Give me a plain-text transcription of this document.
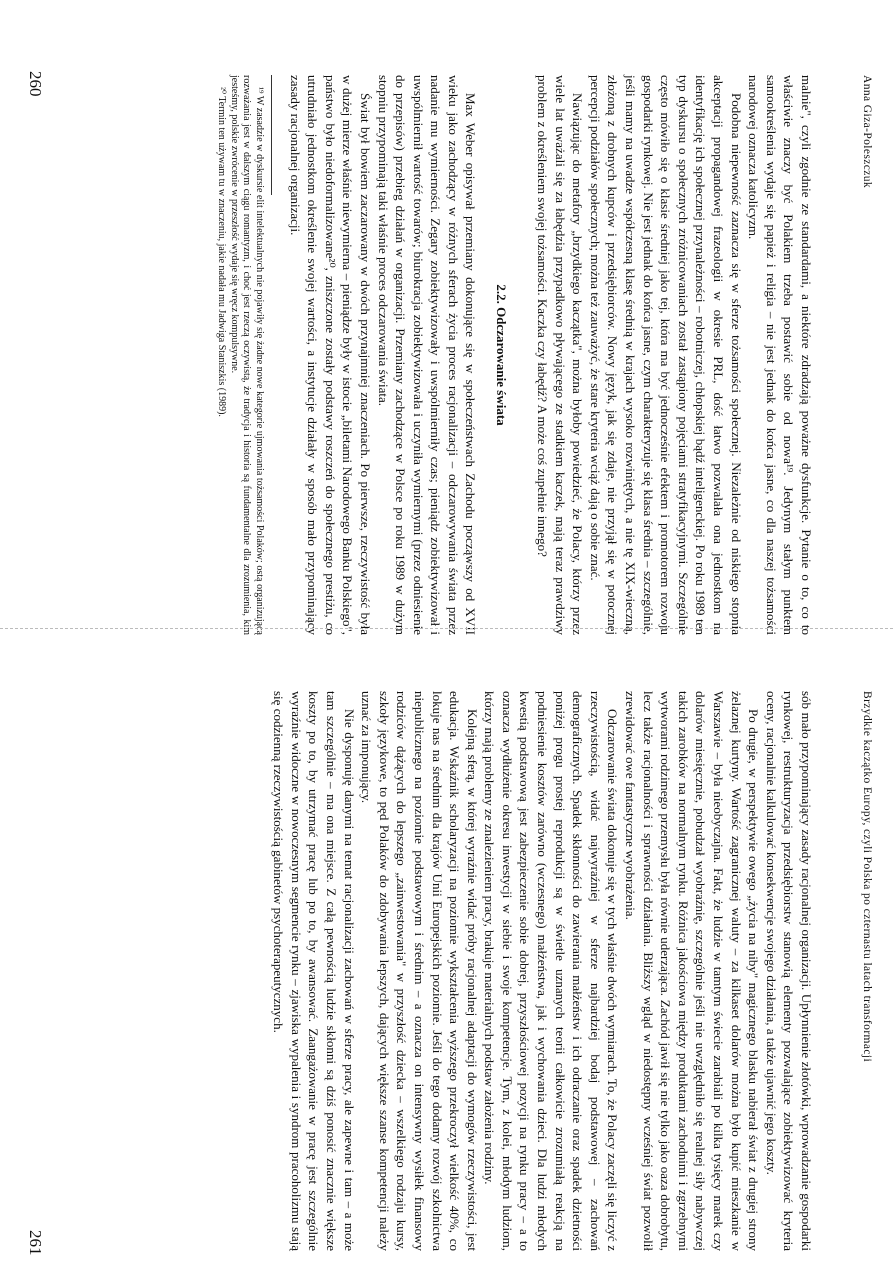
Anna Giza-Poleszczuk

malnie", czyli zgodnie ze standardami, a niektóre zdradzają poważne dysfunkcje. Pytanie o to, co to właściwie znaczy być Polakiem trzeba postawić sobie od nowa¹⁹. Jedynym stałym punktem samookreślenia wydaje się papież i religia – nie jest jednak do końca jasne, co dla naszej tożsamości narodowej oznacza katolicyzm.

Podobna niepewność zaznacza się w sferze tożsamości społecznej. Niezależnie od niskiego stopnia akceptacji propagandowej frazeologii w okresie PRL, dość łatwo pozwalała ona jednostkom na identyfikację ich społecznej przynależności – robotniczej, chłopskiej bądź inteligenckiej. Po roku 1989 ten typ dyskursu o społecznych zróżnicowaniach został zastąpiony pojęciami stratyfikacyjnymi. Szczególnie często mówiło się o klasie średniej jako tej, która ma być jednocześnie efektem i promotorem rozwoju gospodarki rynkowej. Nie jest jednak do końca jasne, czym charakteryzuje się klasa średnia – szczególnie, jeśli mamy na uwadze współczesną klasę średnią w krajach wysoko rozwiniętych, a nie tę XIX-wieczną, złożoną z drobnych kupców i przedsiębiorców. Nowy język, jak się zdaje, nie przyjął się w potocznej percepcji podziałów społecznych; można też zauważyć, że stare kryteria wciąż dają o sobie znać.

Nawiązując do metafory „brzydkiego kaczątka", można byłoby powiedzieć, że Polacy, którzy przez wiele lat uważali się za łabędzia przypadkowo pływającego ze stadkiem kaczek, mają teraz prawdziwy problem z określeniem swojej tożsamości. Kaczka czy łabędź? A może coś zupełnie innego?

2.2. Odczarowanie świata

Max Weber opisywał przemiany dokonujące się w społeczeństwach Zachodu począwszy od XVII wieku jako zachodzący w różnych sferach życia proces racjonalizacji – odczarowywania świata przez nadanie mu wymierności. Zegary zobiektywizowały i uwspólmierniły czas; pieniądz zobiektywizował i uwspólmiernił wartość towarów; biurokracja zobiektywizowała i uczyniła wymiernymi (przez odniesienie do przepisów) przebieg działań w organizacji. Przemiany zachodzące w Polsce po roku 1989 w dużym stopniu przypominają taki właśnie proces odczarowania świata.

Świat był bowiem zaczarowany w dwóch przynajmniej znaczeniach. Po pierwsze, rzeczywistość była w dużej mierze właśnie niewymierna – pieniądze były w istocie „biletami Narodowego Banku Polskiego", państwo było niedoformalizowane²⁰, zniszczone zostały podstawy roszczeń do społecznego prestiżu, co utrudniało jednostkom określenie swojej wartości, a instytucje działały w sposób mało przypominający zasady racjonalnej organizacji.

¹⁹ W zasadzie w dyskursie elit intelektualnych nie pojawiły się żadne nowe kategorie ujmowania tożsamości Polaków; ostą organizującą rozważania jest w dalszym ciągu romantyzm, i choć jest rzeczą oczywistą, że tradycja i historia są fundamentalne dla zrozumienia, kim jesteśmy, polskie zwrócenie w przeszłość wydaje się wręcz kompulsywne.

²⁰ Termin ten używam tu w znaczeniu, jakie nadała mu Jadwiga Staniszkis (1989).

260
Brzydkie kaczątko Europy, czyli Polska po czternastu latach transformacji

sób mało przypominający zasady racjonalnej organizacji. Upłynnienie złotówki, wprowadzanie gospodarki rynkowej, restrukturyzacja przedsiębiorstw stanowią elementy pozwalające zobiektywizować kryteria oceny, racjonalnie kalkulować konsekwencje swojego działania, a także ujawnić jego koszty.

Po drugie, w perspektywie owego „życia na niby" magicznego blasku nabierał świat z drugiej strony żelaznej kurtyny. Wartość zagranicznej waluty – za kilkaset dolarów można było kupić mieszkanie w Warszawie – była nieobyczajna. Fakt, że ludzie w tamtym świecie zarabiali po kilka tysięcy marek czy dolarów miesięcznie, pobudzał wyobraźnię, szczególnie jeśli nie uwzględniło się realnej siły nabywczej takich zarobków na normalnym rynku. Różnica jakościowa między produktami zachodnimi i zgrzebnymi wytworami rodzimego przemysłu była równie uderzająca. Zachód jawił się nie tylko jako oaza dobrobytu, lecz także racjonalności i sprawności działania. Bliższy wgląd w niedostępny wcześniej świat pozwolił zrewidować owe fantastyczne wyobrażenia.

Odczarowanie świata dokonuje się w tych właśnie dwóch wymiarach. To, że Polacy zaczęli się liczyć z rzeczywistością, widać najwyraźniej w sferze najbardziej bodaj podstawowej – zachowań demograficznych. Spadek skłonności do zawierania małżeństw i ich odraczanie oraz spadek dzietności poniżej progu prostej reprodukcji są w świetle uznanych teorii całkowicie zrozumiałą reakcją na podniesienie kosztów zarówno (wczesnego) małżeństwa, jak i wychowania dzieci. Dla ludzi młodych kwestią podstawową jest zabezpieczenie sobie dobrej, przyszłościowej pozycji na rynku pracy – a to oznacza wydłużenie okresu inwestycji w siebie i swoje kompetencje. Tym, z kolei, młodym ludziom, którzy mają problemy ze znalezieniem pracy, brakuje materialnych podstaw założenia rodziny.

Kolejną sferą, w której wyraźnie widać próby racjonalnej adaptacji do wymogów rzeczywistości, jest edukacja. Wskaźnik scholaryzacji na poziomie wykształcenia wyższego przekroczył wielkość 40%, co lokuje nas na średnim dla krajów Unii Europejskich poziomie. Jeśli do tego dodamy rozwój szkolnictwa niepublicznego na poziomie podstawowym i średnim – a oznacza on intensywny wysiłek finansowy rodziców dążących do lepszego „zainwestowania" w przyszłość dziecka – wszelkiego rodzaju kursy, szkoły językowe, to pęd Polaków do zdobywania lepszych, dających większe szanse kompetencji należy uznać za imponujący.

Nie dysponuję danymi na temat racjonalizacji zachowań w sferze pracy, ale zapewne i tam – a może tam szczególnie – ma ona miejsce. Z całą pewnością ludzie skłonni są dziś ponosić znacznie większe koszty po to, by utrzymać pracę lub po to, by awansować. Zaangażowanie w pracę jest szczególnie wyraźnie widoczne w nowoczesnym segmencie rynku – zjawiska wypalenia i syndrom pracoholizmu stają się codzienną rzeczywistością gabinetów psychoterapeutycznych.

261
